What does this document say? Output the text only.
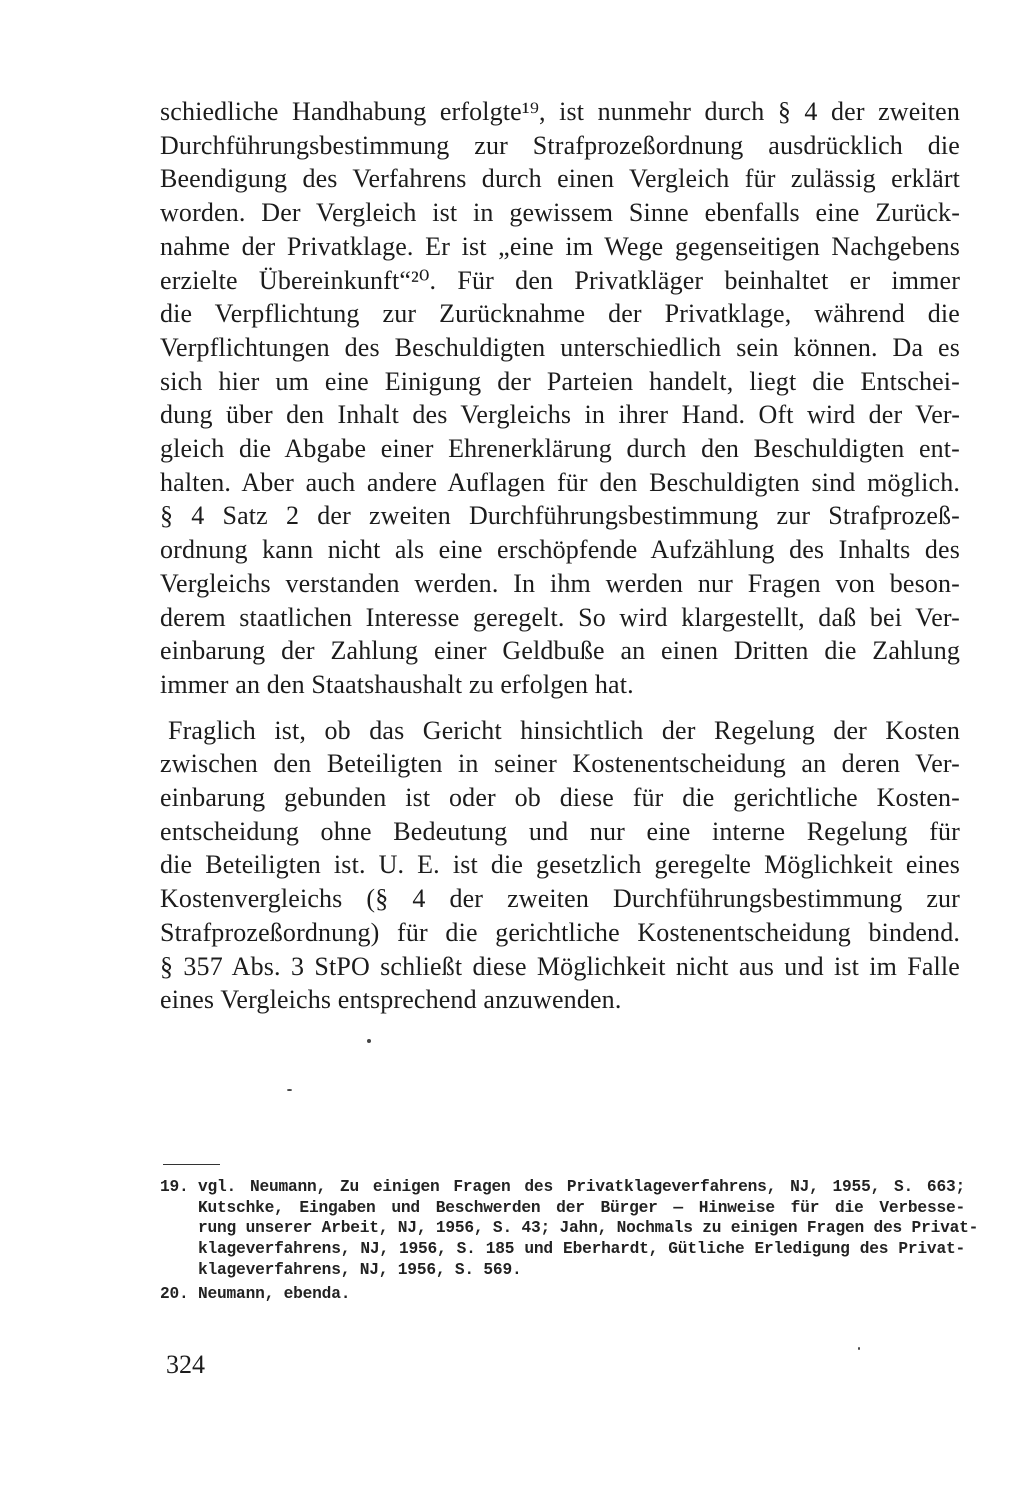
schiedliche Handhabung erfolgte¹⁹, ist nunmehr durch § 4 der zweiten
Durchführungsbestimmung zur Strafprozeßordnung ausdrücklich die
Beendigung des Verfahrens durch einen Vergleich für zulässig erklärt
worden. Der Vergleich ist in gewissem Sinne ebenfalls eine Zurück-
nahme der Privatklage. Er ist „eine im Wege gegenseitigen Nachgebens
erzielte Übereinkunft“²⁰. Für den Privatkläger beinhaltet er immer
die Verpflichtung zur Zurücknahme der Privatklage, während die
Verpflichtungen des Beschuldigten unterschiedlich sein können. Da es
sich hier um eine Einigung der Parteien handelt, liegt die Entschei-
dung über den Inhalt des Vergleichs in ihrer Hand. Oft wird der Ver-
gleich die Abgabe einer Ehrenerklärung durch den Beschuldigten ent-
halten. Aber auch andere Auflagen für den Beschuldigten sind möglich.
§ 4 Satz 2 der zweiten Durchführungsbestimmung zur Strafprozeß-
ordnung kann nicht als eine erschöpfende Aufzählung des Inhalts des
Vergleichs verstanden werden. In ihm werden nur Fragen von beson-
derem staatlichen Interesse geregelt. So wird klargestellt, daß bei Ver-
einbarung der Zahlung einer Geldbuße an einen Dritten die Zahlung
immer an den Staatshaushalt zu erfolgen hat.
Fraglich ist, ob das Gericht hinsichtlich der Regelung der Kosten
zwischen den Beteiligten in seiner Kostenentscheidung an deren Ver-
einbarung gebunden ist oder ob diese für die gerichtliche Kosten-
entscheidung ohne Bedeutung und nur eine interne Regelung für
die Beteiligten ist. U. E. ist die gesetzlich geregelte Möglichkeit eines
Kostenvergleichs (§ 4 der zweiten Durchführungsbestimmung zur
Strafprozeßordnung) für die gerichtliche Kostenentscheidung bindend.
§ 357 Abs. 3 StPO schließt diese Möglichkeit nicht aus und ist im Falle
eines Vergleichs entsprechend anzuwenden.
19. vgl. Neumann, Zu einigen Fragen des Privatklageverfahrens, NJ, 1955, S. 663;
Kutschke, Eingaben und Beschwerden der Bürger — Hinweise für die Verbesse-
rung unserer Arbeit, NJ, 1956, S. 43; Jahn, Nochmals zu einigen Fragen des Privat-
klageverfahrens, NJ, 1956, S. 185 und Eberhardt, Gütliche Erledigung des Privat-
klageverfahrens, NJ, 1956, S. 569.
20. Neumann, ebenda.
324
